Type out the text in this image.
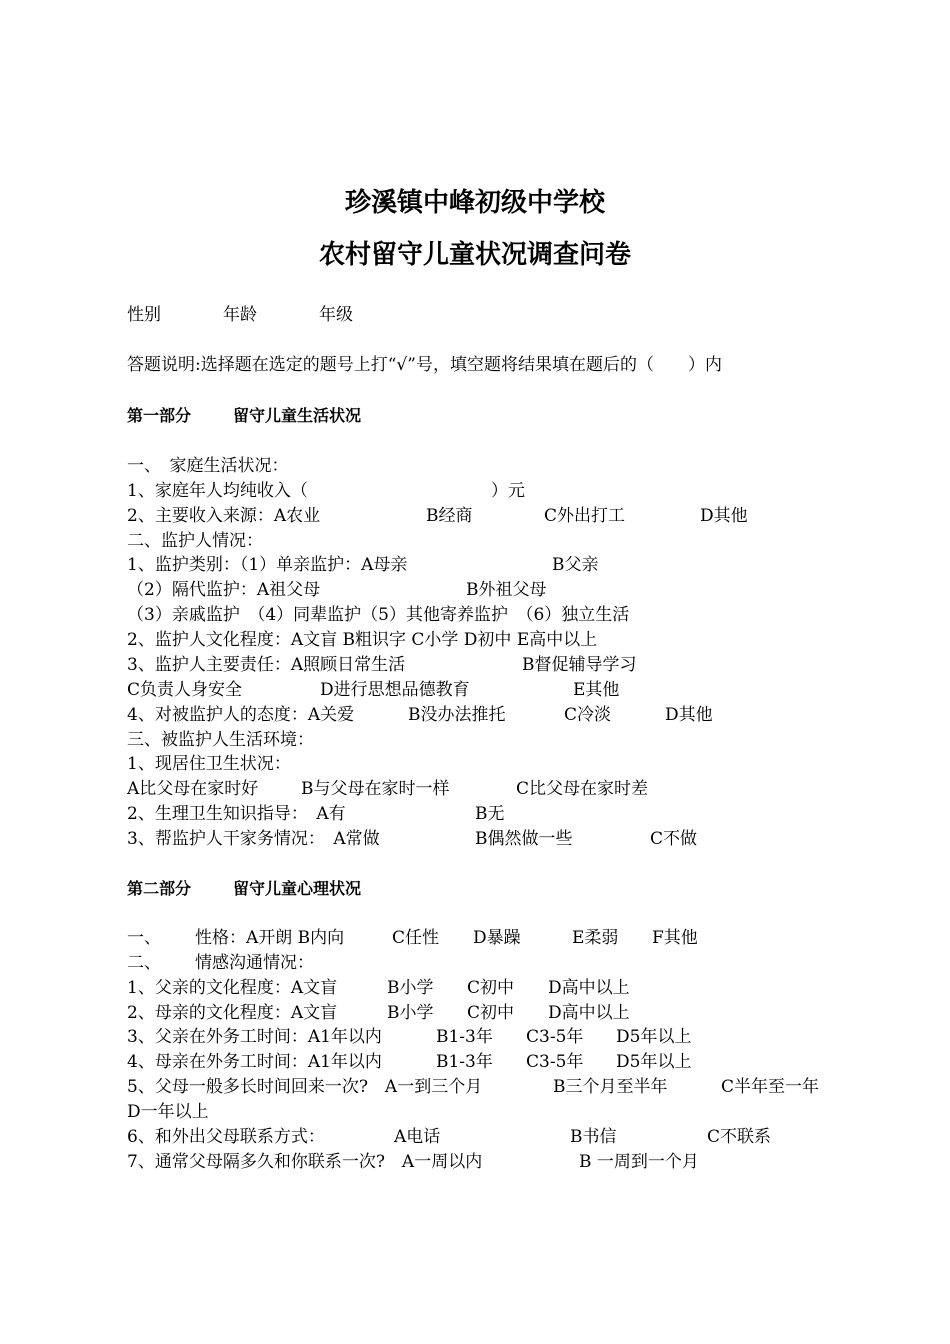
珍溪镇中峰初级中学校
农村留守儿童状况调查问卷

性别

	年龄

	年级

答题说明:选择题在选定的题号上打“√”号，填空题将结果填在题后的（　　）内

第一部分

	留守儿童生活状况

一、　家庭生活状况：

1、家庭年人均纯收入（

	）元

2、主要收入来源：A农业

	B经商

	C外出打工

	D其他

二、监护人情况：

1、监护类别：（1）单亲监护：A母亲

	B父亲

（2）隔代监护：A祖父母

	B外祖父母

（3）亲戚监护　（4）同辈监护（5）其他寄养监护　（6）独立生活
2、监护人文化程度：A文盲 B粗识字 C小学 D初中 E高中以上

3、监护人主要责任：A照顾日常生活

	B督促辅导学习

C负责人身安全

	D进行思想品德教育

	E其他

4、对被监护人的态度：A关爱

	B没办法推托

	C冷淡

	D其他

三、被监护人生活环境：
1、现居住卫生状况：

A比父母在家时好

	B与父母在家时一样

	C比父母在家时差

2、生理卫生知识指导：　A有

	B无

3、帮监护人干家务情况：　A常做

	B偶然做一些

	C不做

第二部分

	留守儿童心理状况

一、

性格：A开朗 B内向

	C任性

D暴躁

	E柔弱

F其他

二、

情感沟通情况：

1、父亲的文化程度：A文盲

	B小学

C初中

D高中以上

2、母亲的文化程度：A文盲

	B小学

C初中

D高中以上

3、父亲在外务工时间：A1年以内

	B1-3年

C3-5年

D5年以上

4、母亲在外务工时间：A1年以内

	B1-3年

C3-5年

D5年以上

5、父母一般多长时间回来一次?　A一到三个月

	B三个月至半年

	C半年至一年

D一年以上

6、和外出父母联系方式：

	A电话

	B书信

	C不联系

7、通常父母隔多久和你联系一次?　A一周以内

	B 一周到一个月
